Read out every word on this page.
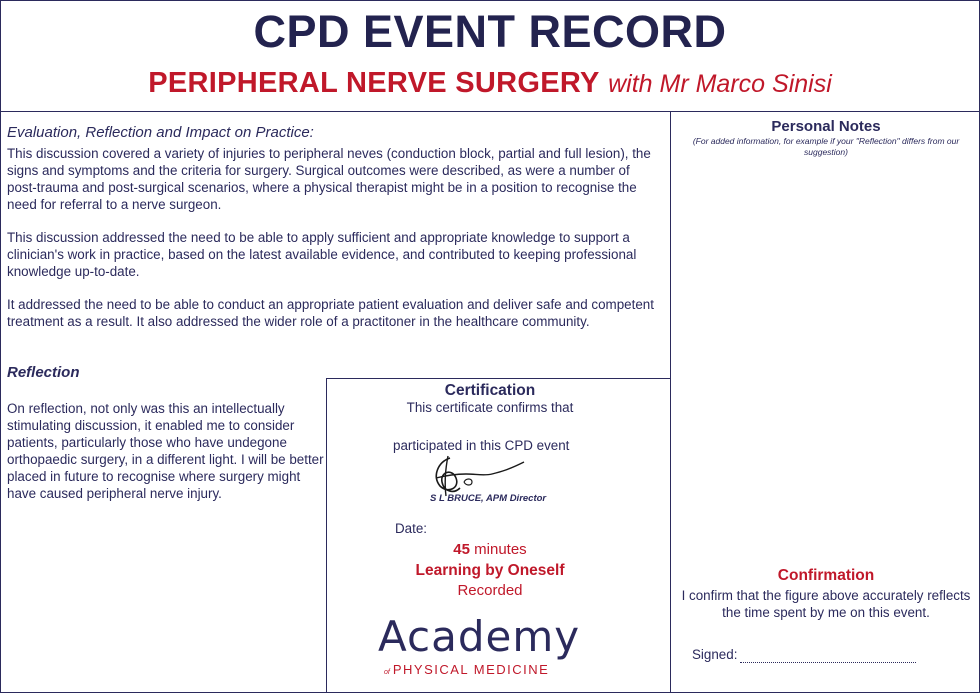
CPD EVENT RECORD
PERIPHERAL NERVE SURGERY with Mr Marco Sinisi
Evaluation, Reflection and Impact on Practice:

This discussion covered a variety of injuries to peripheral neves (conduction block, partial and full lesion), the signs and symptoms and the criteria for surgery. Surgical outcomes were described, as were a number of post-trauma and post-surgical scenarios, where a physical therapist might be in a position to recognise the need for referral to a nerve surgeon.

This discussion addressed the need to be able to apply sufficient and appropriate knowledge to support a clinician's work in practice, based on the latest available evidence, and contributed to keeping professional knowledge up-to-date.

It addressed the need to be able to conduct an appropriate patient evaluation and deliver safe and competent treatment as a result. It also addressed the wider role of a practitoner in the healthcare community.

Reflection

On reflection, not only was this an intellectually stimulating discussion, it enabled me to consider patients, particularly those who have undegone orthopaedic surgery, in a different light. I will be better placed in future to recognise where surgery might have caused peripheral nerve injury.

Certification
This certificate confirms that
participated in this CPD event
S L BRUCE, APM Director
Date:
45 minutes
Learning by Oneself
Recorded
Academy
of PHYSICAL MEDICINE
Personal Notes
(For added information, for example if your "Reflection" differs from our suggestion)
Confirmation
I confirm that the figure above accurately reflects the time spent by me on this event.
Signed:
